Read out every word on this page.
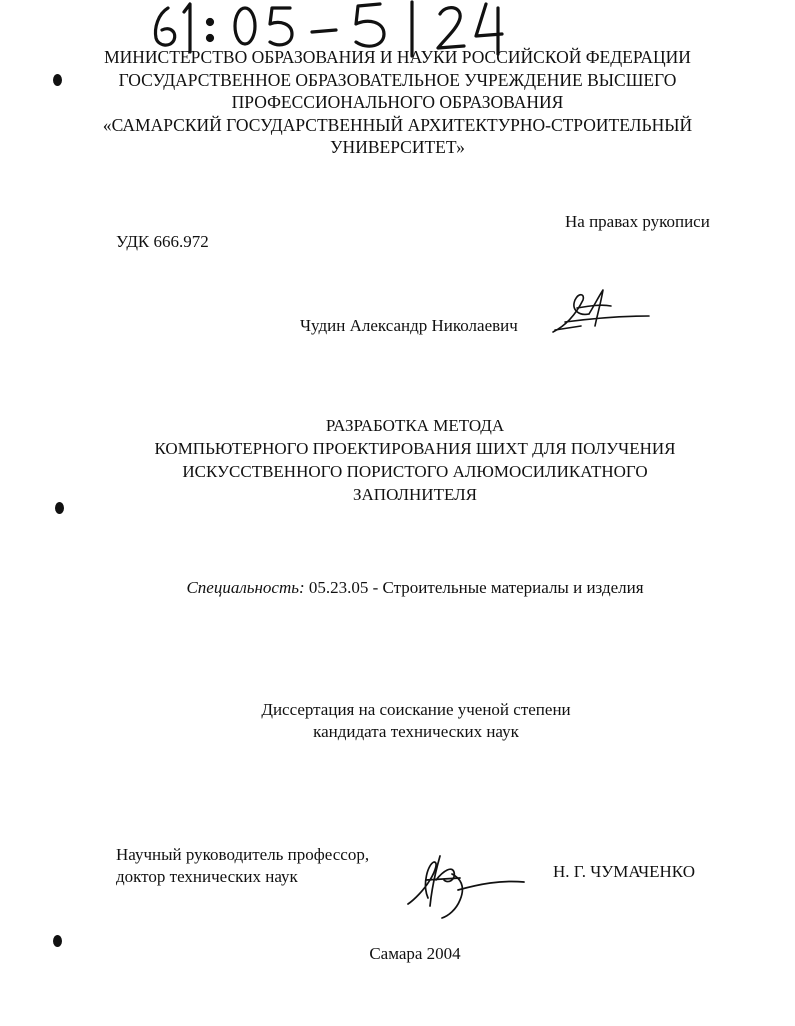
МИНИСТЕРСТВО ОБРАЗОВАНИЯ И НАУКИ РОССИЙСКОЙ ФЕДЕРАЦИИ
ГОСУДАРСТВЕННОЕ ОБРАЗОВАТЕЛЬНОЕ УЧРЕЖДЕНИЕ ВЫСШЕГО
ПРОФЕССИОНАЛЬНОГО ОБРАЗОВАНИЯ
«САМАРСКИЙ ГОСУДАРСТВЕННЫЙ АРХИТЕКТУРНО-СТРОИТЕЛЬНЫЙ
УНИВЕРСИТЕТ»
На правах рукописи
УДК 666.972
Чудин Александр Николаевич
РАЗРАБОТКА МЕТОДА
КОМПЬЮТЕРНОГО ПРОЕКТИРОВАНИЯ ШИХТ ДЛЯ ПОЛУЧЕНИЯ
ИСКУССТВЕННОГО ПОРИСТОГО АЛЮМОСИЛИКАТНОГО
ЗАПОЛНИТЕЛЯ
Специальность: 05.23.05 - Строительные материалы и изделия
Диссертация на соискание ученой степени
кандидата технических наук
Научный руководитель профессор,
доктор технических наук	Н. Г. ЧУМАЧЕНКО
Самара 2004
